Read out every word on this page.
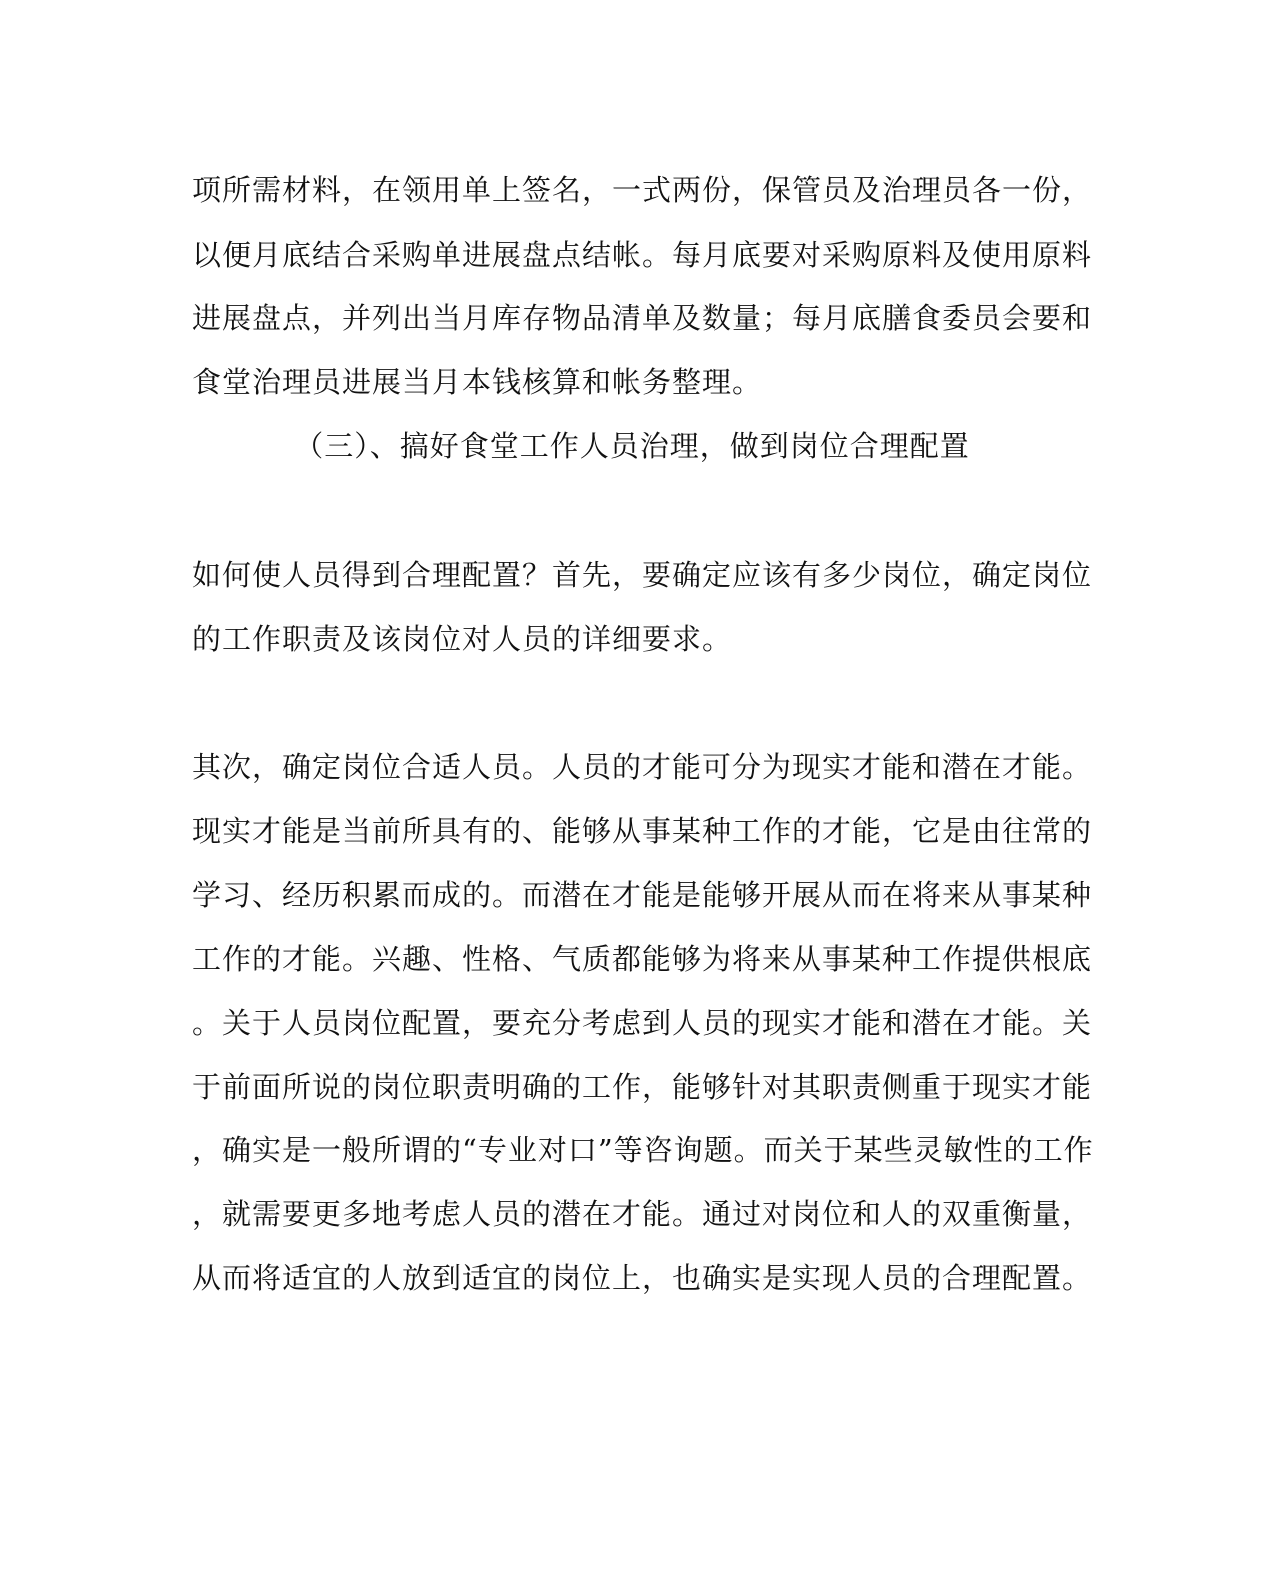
项所需材料，在领用单上签名，一式两份，保管员及治理员各一份，
以便月底结合采购单进展盘点结帐。每月底要对采购原料及使用原料
进展盘点，并列出当月库存物品清单及数量；每月底膳食委员会要和
食堂治理员进展当月本钱核算和帐务整理。
（三）、搞好食堂工作人员治理，做到岗位合理配置
如何使人员得到合理配置？首先，要确定应该有多少岗位，确定岗位
的工作职责及该岗位对人员的详细要求。
其次，确定岗位合适人员。人员的才能可分为现实才能和潜在才能。
现实才能是当前所具有的、能够从事某种工作的才能，它是由往常的
学习、经历积累而成的。而潜在才能是能够开展从而在将来从事某种
工作的才能。兴趣、性格、气质都能够为将来从事某种工作提供根底
。关于人员岗位配置，要充分考虑到人员的现实才能和潜在才能。关
于前面所说的岗位职责明确的工作，能够针对其职责侧重于现实才能
，确实是一般所谓的“专业对口”等咨询题。而关于某些灵敏性的工作
，就需要更多地考虑人员的潜在才能。通过对岗位和人的双重衡量，
从而将适宜的人放到适宜的岗位上，也确实是实现人员的合理配置。
